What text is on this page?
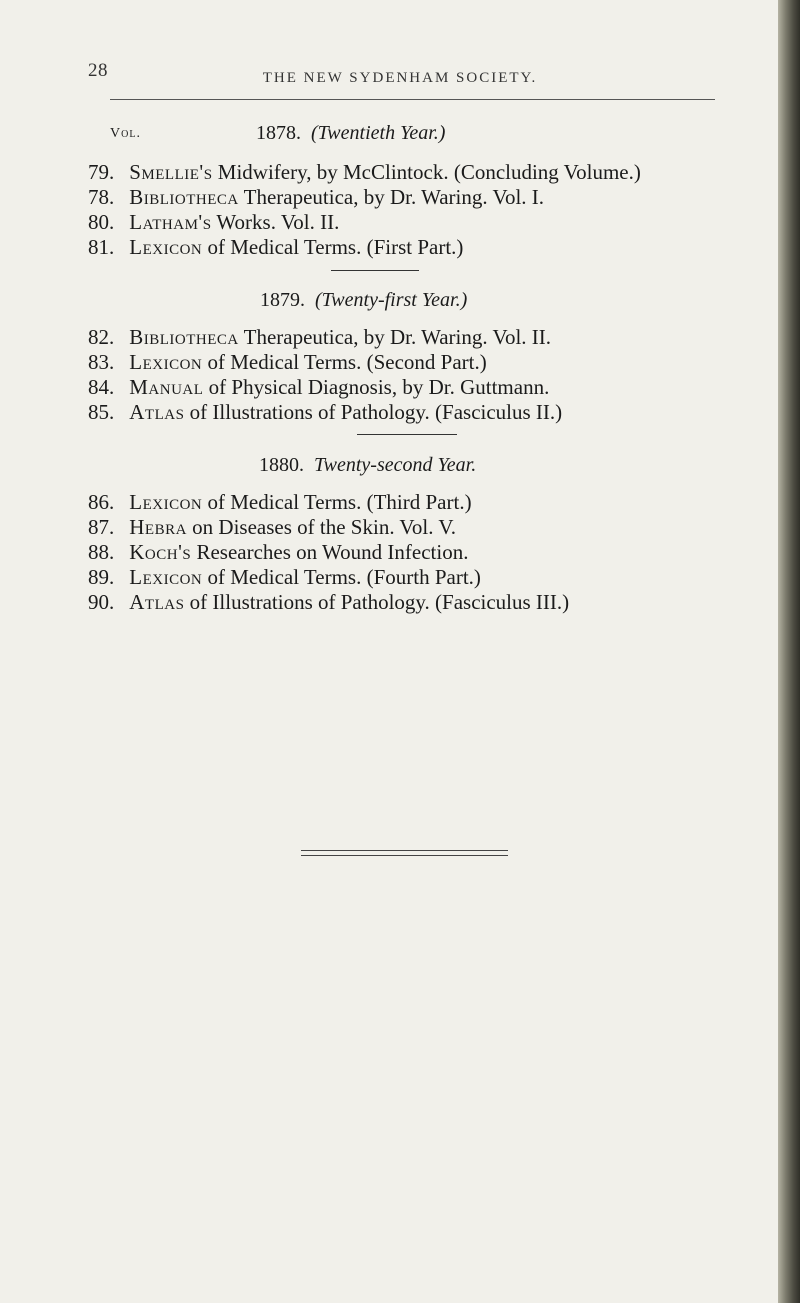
28	THE NEW SYDENHAM SOCIETY.
Vol.	1878. (Twentieth Year.)
79. Smellie's Midwifery, by McClintock. (Concluding Volume.)
78. Bibliotheca Therapeutica, by Dr. Waring. Vol. I.
80. Latham's Works. Vol. II.
81. Lexicon of Medical Terms. (First Part.)
1879. (Twenty-first Year.)
82. Bibliotheca Therapeutica, by Dr. Waring. Vol. II.
83. Lexicon of Medical Terms. (Second Part.)
84. Manual of Physical Diagnosis, by Dr. Guttmann.
85. Atlas of Illustrations of Pathology. (Fasciculus II.)
1880. Twenty-second Year.
86. Lexicon of Medical Terms. (Third Part.)
87. Hebra on Diseases of the Skin. Vol. V.
88. Koch's Researches on Wound Infection.
89. Lexicon of Medical Terms. (Fourth Part.)
90. Atlas of Illustrations of Pathology. (Fasciculus III.)
